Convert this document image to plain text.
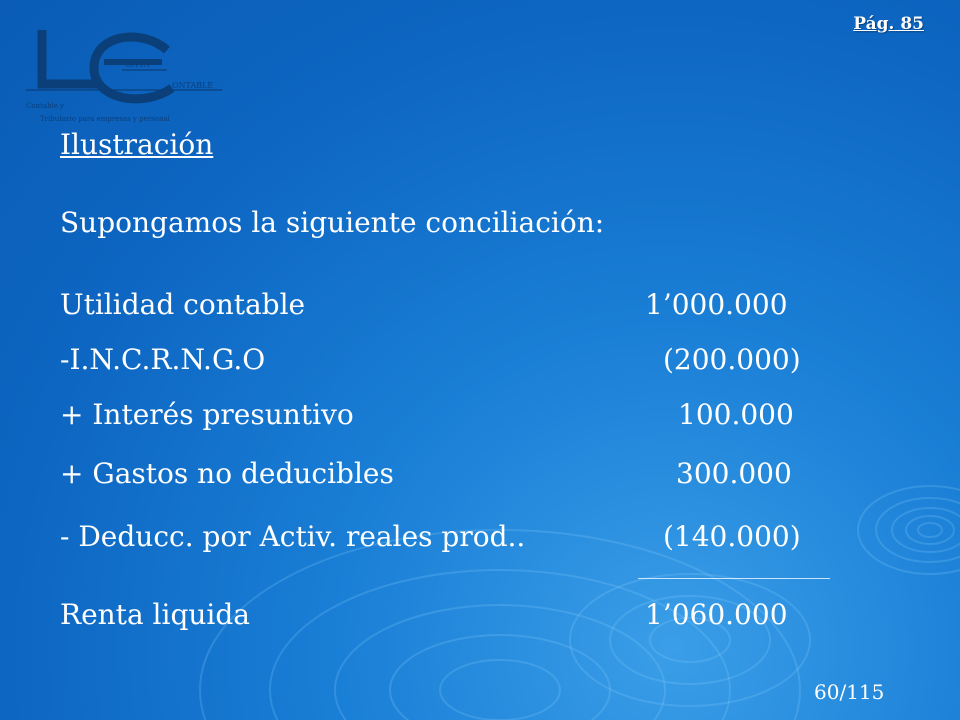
ONTA
ONTABLE
Contable y
Tributario para empresas y personal
Pág. 85
Ilustración
Supongamos la siguiente conciliación:
Utilidad contable	1’000.000
-I.N.C.R.N.G.O	(200.000)
+ Interés presuntivo	100.000
+ Gastos no deducibles	300.000
- Deducc. por Activ. reales prod..	(140.000)
Renta liquida	1’060.000
60/115
